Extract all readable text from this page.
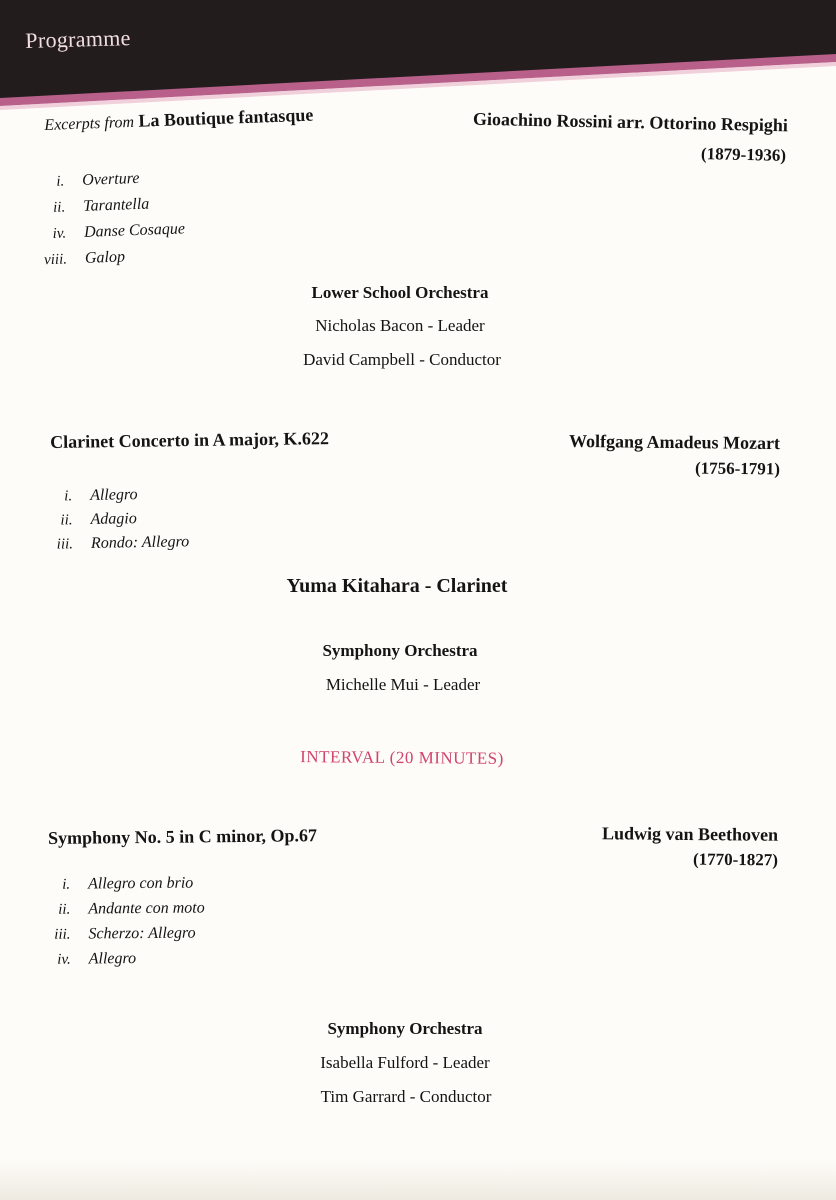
Programme
Excerpts from La Boutique fantasque	Gioachino Rossini arr. Ottorino Respighi
(1879-1936)
i. Overture
ii. Tarantella
iv. Danse Cosaque
viii. Galop
Lower School Orchestra
Nicholas Bacon - Leader
David Campbell - Conductor
Clarinet Concerto in A major, K.622	Wolfgang Amadeus Mozart
(1756-1791)
i. Allegro
ii. Adagio
iii. Rondo: Allegro
Yuma Kitahara - Clarinet
Symphony Orchestra
Michelle Mui - Leader
INTERVAL (20 MINUTES)
Symphony No. 5 in C minor, Op.67	Ludwig van Beethoven
(1770-1827)
i. Allegro con brio
ii. Andante con moto
iii. Scherzo: Allegro
iv. Allegro
Symphony Orchestra
Isabella Fulford - Leader
Tim Garrard - Conductor
